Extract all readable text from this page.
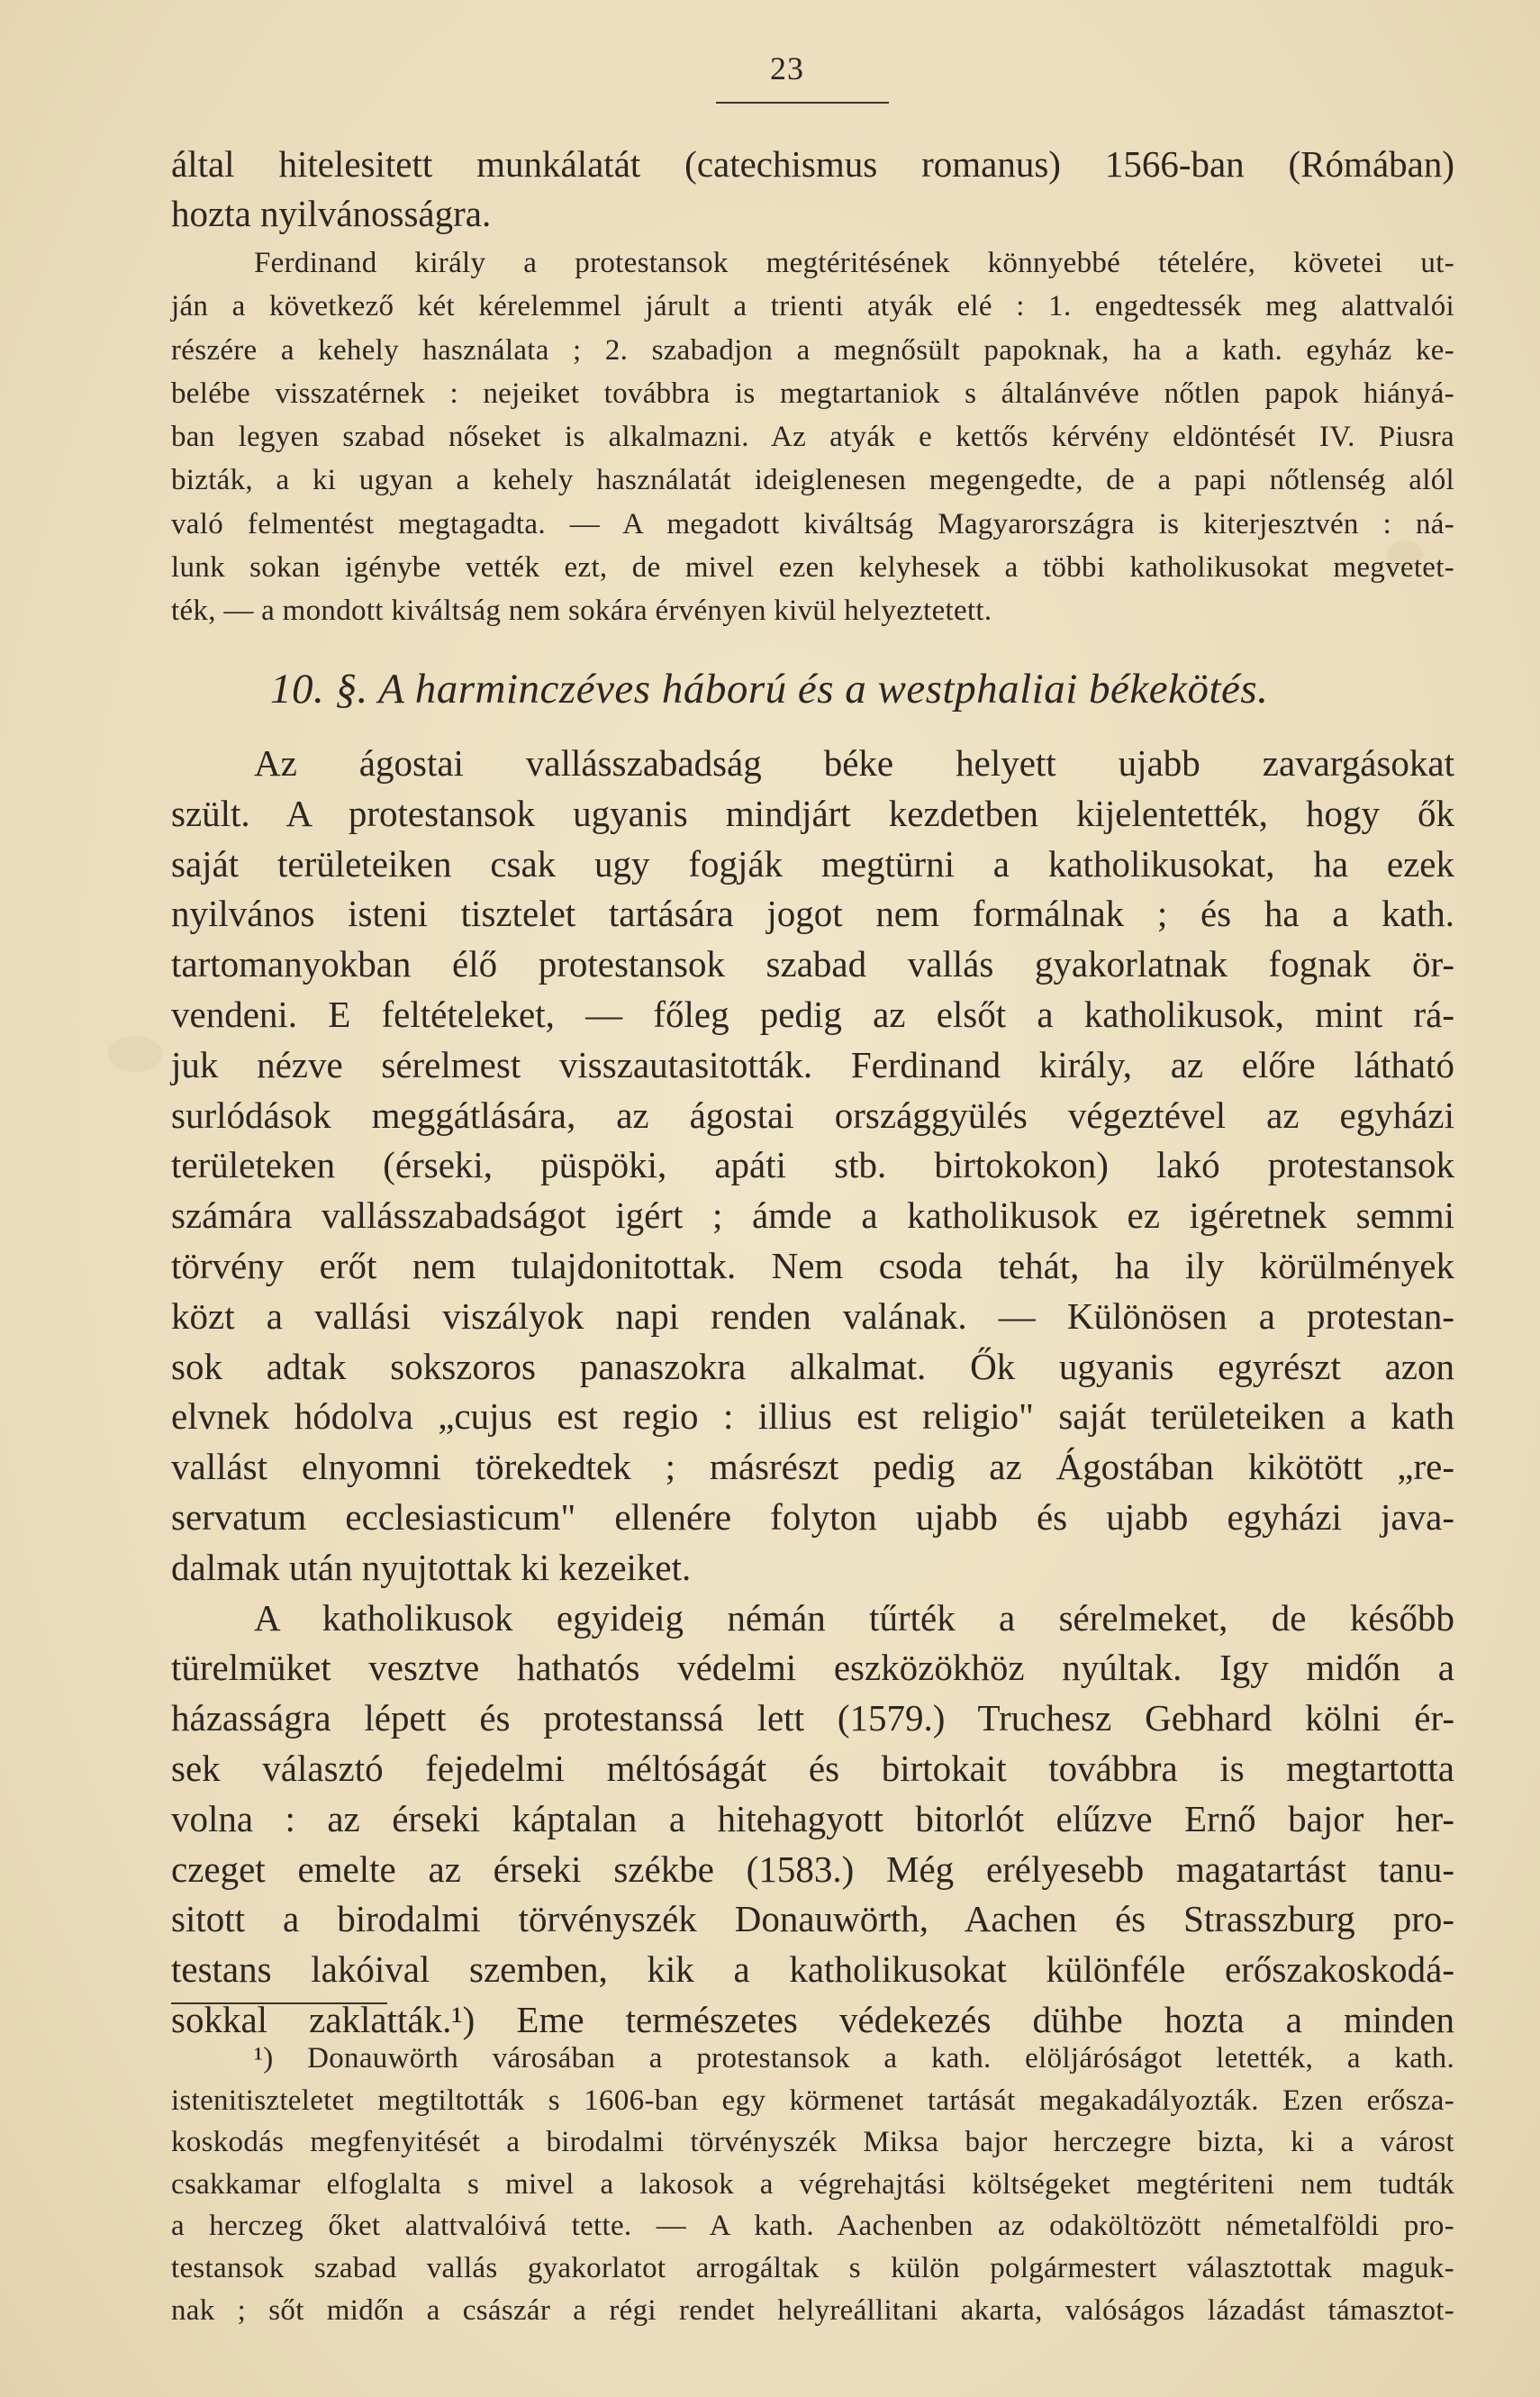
23
által hitelesitett munkálatát (catechismus romanus) 1566-ban (Rómában)
hozta nyilvánosságra.
Ferdinand király a protestansok megtéritésének könnyebbé tételére, követei ut-
ján a következő két kérelemmel járult a trienti atyák elé : 1. engedtessék meg alattvalói
részére a kehely használata ; 2. szabadjon a megnősült papoknak, ha a kath. egyház ke-
belébe visszatérnek : nejeiket továbbra is megtartaniok s általánvéve nőtlen papok hiányá-
ban legyen szabad nőseket is alkalmazni. Az atyák e kettős kérvény eldöntését IV. Piusra
bizták, a ki ugyan a kehely használatát ideiglenesen megengedte, de a papi nőtlenség alól
való felmentést megtagadta. — A megadott kiváltság Magyarországra is kiterjesztvén : ná-
lunk sokan igénybe vették ezt, de mivel ezen kelyhesek a többi katholikusokat megvetet-
ték, — a mondott kiváltság nem sokára érvényen kivül helyeztetett.
10. §. A harminczéves háború és a westphaliai békekötés.
Az ágostai vallásszabadság béke helyett ujabb zavargásokat
szült. A protestansok ugyanis mindjárt kezdetben kijelentették, hogy ők
saját területeiken csak ugy fogják megtürni a katholikusokat, ha ezek
nyilvános isteni tisztelet tartására jogot nem formálnak ; és ha a kath.
tartomanyokban élő protestansok szabad vallás gyakorlatnak fognak ör-
vendeni. E feltételeket, — főleg pedig az elsőt a katholikusok, mint rá-
juk nézve sérelmest visszautasitották. Ferdinand király, az előre látható
surlódások meggátlására, az ágostai országgyülés végeztével az egyházi
területeken (érseki, püspöki, apáti stb. birtokokon) lakó protestansok
számára vallásszabadságot igért ; ámde a katholikusok ez igéretnek semmi
törvény erőt nem tulajdonitottak. Nem csoda tehát, ha ily körülmények
közt a vallási viszályok napi renden valának. — Különösen a protestan-
sok adtak sokszoros panaszokra alkalmat. Ők ugyanis egyrészt azon
elvnek hódolva „cujus est regio : illius est religio" saját területeiken a kath
vallást elnyomni törekedtek ; másrészt pedig az Ágostában kikötött „re-
servatum ecclesiasticum" ellenére folyton ujabb és ujabb egyházi java-
dalmak után nyujtottak ki kezeiket.
A katholikusok egyideig némán tűrték a sérelmeket, de később
türelmüket vesztve hathatós védelmi eszközökhöz nyúltak. Igy midőn a
házasságra lépett és protestanssá lett (1579.) Truchesz Gebhard kölni ér-
sek választó fejedelmi méltóságát és birtokait továbbra is megtartotta
volna : az érseki káptalan a hitehagyott bitorlót elűzve Ernő bajor her-
czeget emelte az érseki székbe (1583.) Még erélyesebb magatartást tanu-
sitott a birodalmi törvényszék Donauwörth, Aachen és Strasszburg pro-
testans lakóival szemben, kik a katholikusokat különféle erőszakoskodá-
sokkal zaklatták.¹) Eme természetes védekezés dühbe hozta a minden
¹) Donauwörth városában a protestansok a kath. elöljáróságot letették, a kath.
istenitiszteletet megtiltották s 1606-ban egy körmenet tartását megakadályozták. Ezen erősza-
koskodás megfenyitését a birodalmi törvényszék Miksa bajor herczegre bizta, ki a várost
csakkamar elfoglalta s mivel a lakosok a végrehajtási költségeket megtériteni nem tudták
a herczeg őket alattvalóivá tette. — A kath. Aachenben az odaköltözött németalföldi pro-
testansok szabad vallás gyakorlatot arrogáltak s külön polgármestert választottak maguk-
nak ; sőt midőn a császár a régi rendet helyreállitani akarta, valóságos lázadást támasztot-
